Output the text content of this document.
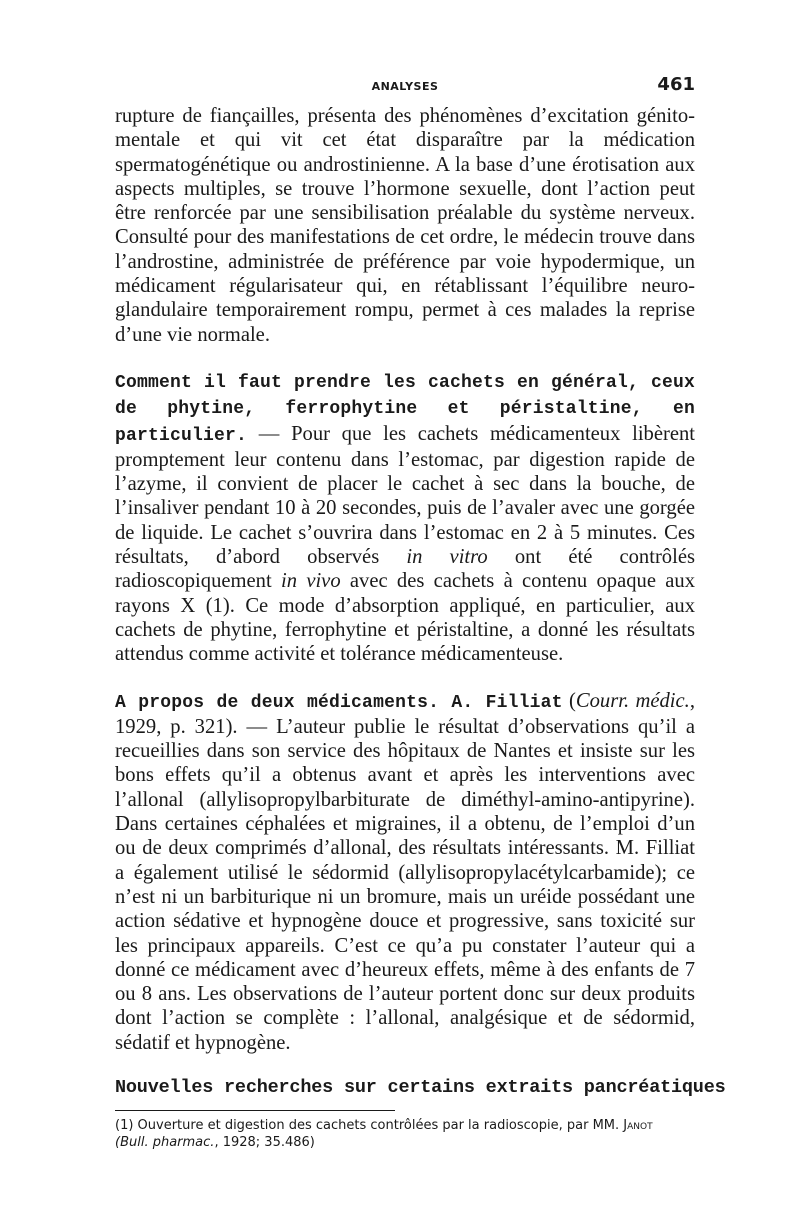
ANALYSES	461

rupture de fiançailles, présenta des phénomènes d’excitation génito-mentale et qui vit cet état disparaître par la médication spermatogénétique ou androstinienne. A la base d’une érotisation aux aspects multiples, se trouve l’hormone sexuelle, dont l’action peut être renforcée par une sensibilisation préalable du système nerveux. Consulté pour des manifestations de cet ordre, le médecin trouve dans l’androstine, administrée de préférence par voie hypodermique, un médicament régularisateur qui, en rétablissant l’équilibre neuro-glandulaire temporairement rompu, permet à ces malades la reprise d’une vie normale.

Comment il faut prendre les cachets en général, ceux de phytine, ferrophytine et péristaltine, en particulier. — Pour que les cachets médicamenteux libèrent promptement leur contenu dans l’estomac, par digestion rapide de l’azyme, il convient de placer le cachet à sec dans la bouche, de l’insaliver pendant 10 à 20 secondes, puis de l’avaler avec une gorgée de liquide. Le cachet s’ouvrira dans l’estomac en 2 à 5 minutes. Ces résultats, d’abord observés in vitro ont été contrôlés radioscopiquement in vivo avec des cachets à contenu opaque aux rayons X (1). Ce mode d’absorption appliqué, en particulier, aux cachets de phytine, ferrophytine et péristaltine, a donné les résultats attendus comme activité et tolérance médicamenteuse.

A propos de deux médicaments. A. Filliat (Courr. médic., 1929, p. 321). — L’auteur publie le résultat d’observations qu’il a recueillies dans son service des hôpitaux de Nantes et insiste sur les bons effets qu’il a obtenus avant et après les interventions avec l’allonal (allylisopropylbarbiturate de diméthyl-amino-antipyrine). Dans certaines céphalées et migraines, il a obtenu, de l’emploi d’un ou de deux comprimés d’allonal, des résultats intéressants. M. Filliat a également utilisé le sédormid (allylisopropylacétylcarbamide); ce n’est ni un barbiturique ni un bromure, mais un uréide possédant une action sédative et hypnogène douce et progressive, sans toxicité sur les principaux appareils. C’est ce qu’a pu constater l’auteur qui a donné ce médicament avec d’heureux effets, même à des enfants de 7 ou 8 ans. Les observations de l’auteur portent donc sur deux produits dont l’action se complète : l’allonal, analgésique et de sédormid, sédatif et hypnogène.

Nouvelles recherches sur certains extraits pancréatiques
(1) Ouverture et digestion des cachets contrôlées par la radioscopie, par MM. Janot
(Bull. pharmac., 1928; 35.486)
